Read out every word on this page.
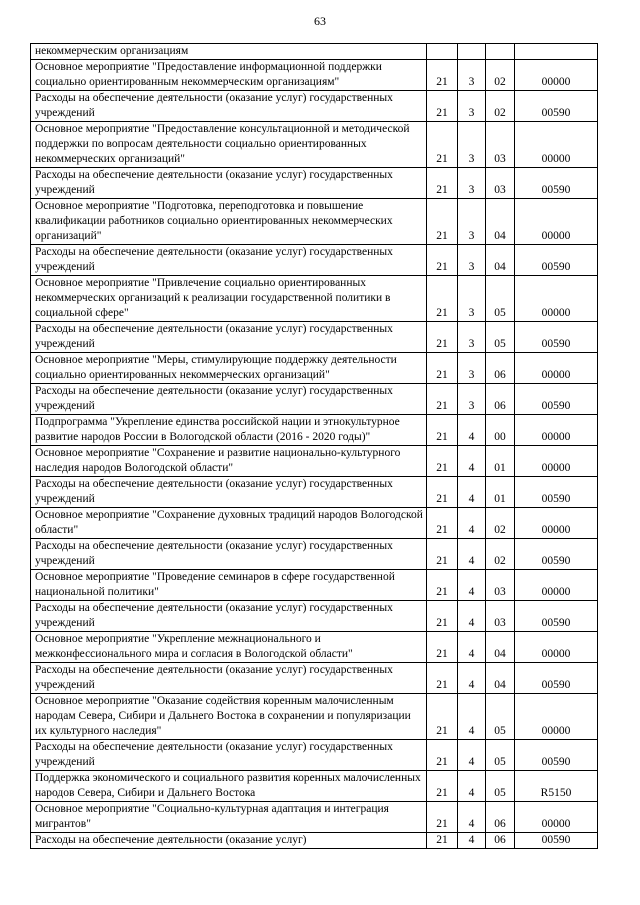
63
некоммерческим организациям				
Основное мероприятие "Предоставление информационной поддержки социально ориентированным некоммерческим организациям"	21	3	02	00000
Расходы на обеспечение деятельности (оказание услуг) государственных учреждений	21	3	02	00590
Основное мероприятие "Предоставление консультационной и методической поддержки по вопросам деятельности социально ориентированных некоммерческих организаций"	21	3	03	00000
Расходы на обеспечение деятельности (оказание услуг) государственных учреждений	21	3	03	00590
Основное мероприятие "Подготовка, переподготовка и повышение квалификации работников социально ориентированных некоммерческих организаций"	21	3	04	00000
Расходы на обеспечение деятельности (оказание услуг) государственных учреждений	21	3	04	00590
Основное мероприятие "Привлечение социально ориентированных некоммерческих организаций к реализации государственной политики в социальной сфере"	21	3	05	00000
Расходы на обеспечение деятельности (оказание услуг) государственных учреждений	21	3	05	00590
Основное мероприятие "Меры, стимулирующие поддержку деятельности социально ориентированных некоммерческих организаций"	21	3	06	00000
Расходы на обеспечение деятельности (оказание услуг) государственных учреждений	21	3	06	00590
Подпрограмма "Укрепление единства российской нации и этнокультурное развитие народов России в Вологодской области (2016 - 2020 годы)"	21	4	00	00000
Основное мероприятие "Сохранение и развитие национально-культурного наследия народов Вологодской области"	21	4	01	00000
Расходы на обеспечение деятельности (оказание услуг) государственных учреждений	21	4	01	00590
Основное мероприятие "Сохранение духовных традиций народов Вологодской области"	21	4	02	00000
Расходы на обеспечение деятельности (оказание услуг) государственных учреждений	21	4	02	00590
Основное мероприятие "Проведение семинаров в сфере государственной национальной политики"	21	4	03	00000
Расходы на обеспечение деятельности (оказание услуг) государственных учреждений	21	4	03	00590
Основное мероприятие "Укрепление межнационального и межконфессионального мира и согласия в Вологодской области"	21	4	04	00000
Расходы на обеспечение деятельности (оказание услуг) государственных учреждений	21	4	04	00590
Основное мероприятие "Оказание содействия коренным малочисленным народам Севера, Сибири и Дальнего Востока в сохранении и популяризации их культурного наследия"	21	4	05	00000
Расходы на обеспечение деятельности (оказание услуг) государственных учреждений	21	4	05	00590
Поддержка экономического и социального развития коренных малочисленных народов Севера, Сибири и Дальнего Востока	21	4	05	R5150
Основное мероприятие "Социально-культурная адаптация и интеграция мигрантов"	21	4	06	00000
Расходы на обеспечение деятельности (оказание услуг)	21	4	06	00590
